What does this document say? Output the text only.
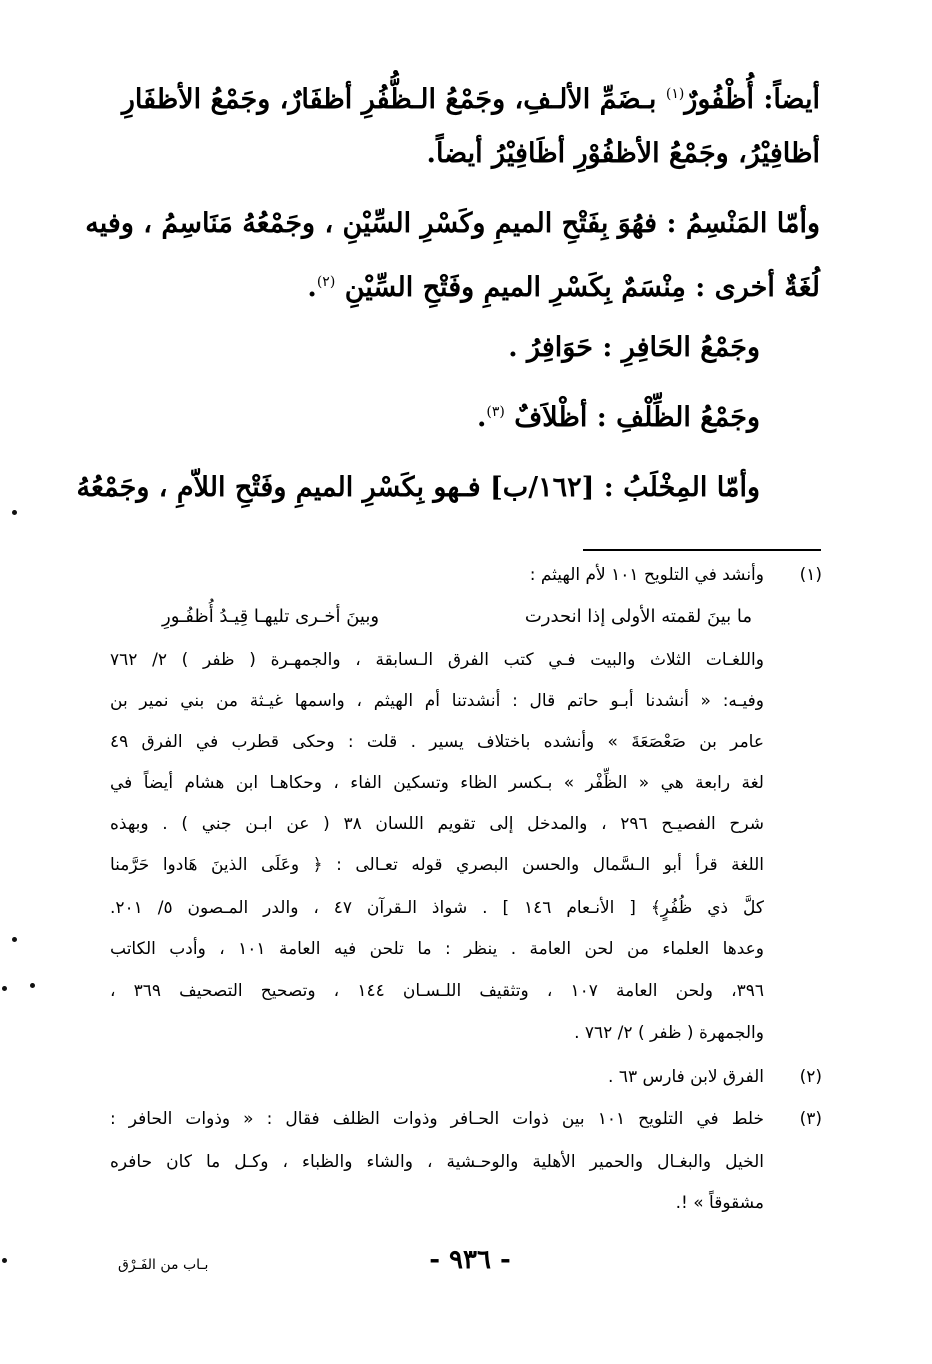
أيضاً: أُظْفُورٌ$^{(١)}$ بـضَمِّ الألـفِ، وجَمْعُ الـظُّفُرِ أظفَارٌ، وجَمْعُ الأظفَارِ
أظافِيْرُ، وجَمْعُ الأظفُوْرِ أظَافِيْرُ أيضاً.
وأمّا المَنْسِمُ : فهُوَ بِفَتْحِ الميمِ وكَسْرِ السِّيْنِ ، وجَمْعُهُ مَنَاسِمُ ، وفيه
لُغَةٌ أخرى : مِنْسَمٌ بِكَسْرِ الميمِ وفَتْحِ السِّيْنِ $^{(٢)}$.
وجَمْعُ الحَافِرِ : حَوَافِرُ .
وجَمْعُ الظِّلْفِ : أظْلاَفٌ $^{(٣)}$.
وأمّا المِخْلَبُ : [١٦٢/ب] فـهو بِكَسْرِ الميمِ وفَتْحِ اللاّمِ ، وجَمْعُهُ
(١)
وأنشد في التلويح ١٠١ لأم الهيثم :
ما بينَ لقمته الأولى إذا انحدرت
وبينَ أخـرى تليهـا قِيـدُ أُظفُـورِ
واللغـات الثلاث والبيت فـي كتب الفرق الـسابقة ، والجمهـرة ( ظفر ) ٢/ ٧٦٢
وفيـه: « أنشدنا أبـو حاتم قال : أنشدتنا أم الهيثم ، واسمها غيـثة من بني نمير بن
عامر بن صَعْصَعَةَ » وأنشده باختلاف يسير . قلت : وحكى قطرب في الفرق ٤٩
لغة رابعة هي « الظِّفْر » بـكسر الظاء وتسكين الفاء ، وحكاهـا ابن هشام أيضاً في
شرح الفصيـح ٢٩٦ ، والمدخل إلى تقويم اللسان ٣٨ ( عن ابـن جني ) . وبهذه
اللغة قرأ أبو الـسَّمال والحسن البصري قوله تعـالى : ﴿ وعَلَى الذينَ هَادوا حَرَّمنا
كلَّ ذي ظُفُرٍ﴾ [ الأنـعام ١٤٦ ] . شواذ الـقرآن ٤٧ ، والدر المـصون ٥/ ٢٠١.
وعدها العلماء من لحن العامة . ينظر : ما تلحن فيه العامة ١٠١ ، وأدب الكاتب
٣٩٦، ولحن العامة ١٠٧ ، وتثقيف اللـسـان ١٤٤ ، وتصحيح التصحيف ٣٦٩ ،
والجمهرة ( ظفر ) ٢/ ٧٦٢ .
(٢)
الفرق لابن فارس ٦٣ .
(٣)
خلط في التلويح ١٠١ بين ذوات الحـافر وذوات الظلف فقال : « وذوات الحافر :
الخيل والبغـال والحمير الأهلية والوحـشية ، والشاء والظباء ، وكـل ما كان حافره
مشقوقاً » !.
- ٩٣٦ -
بـاب من الفَـرْق
